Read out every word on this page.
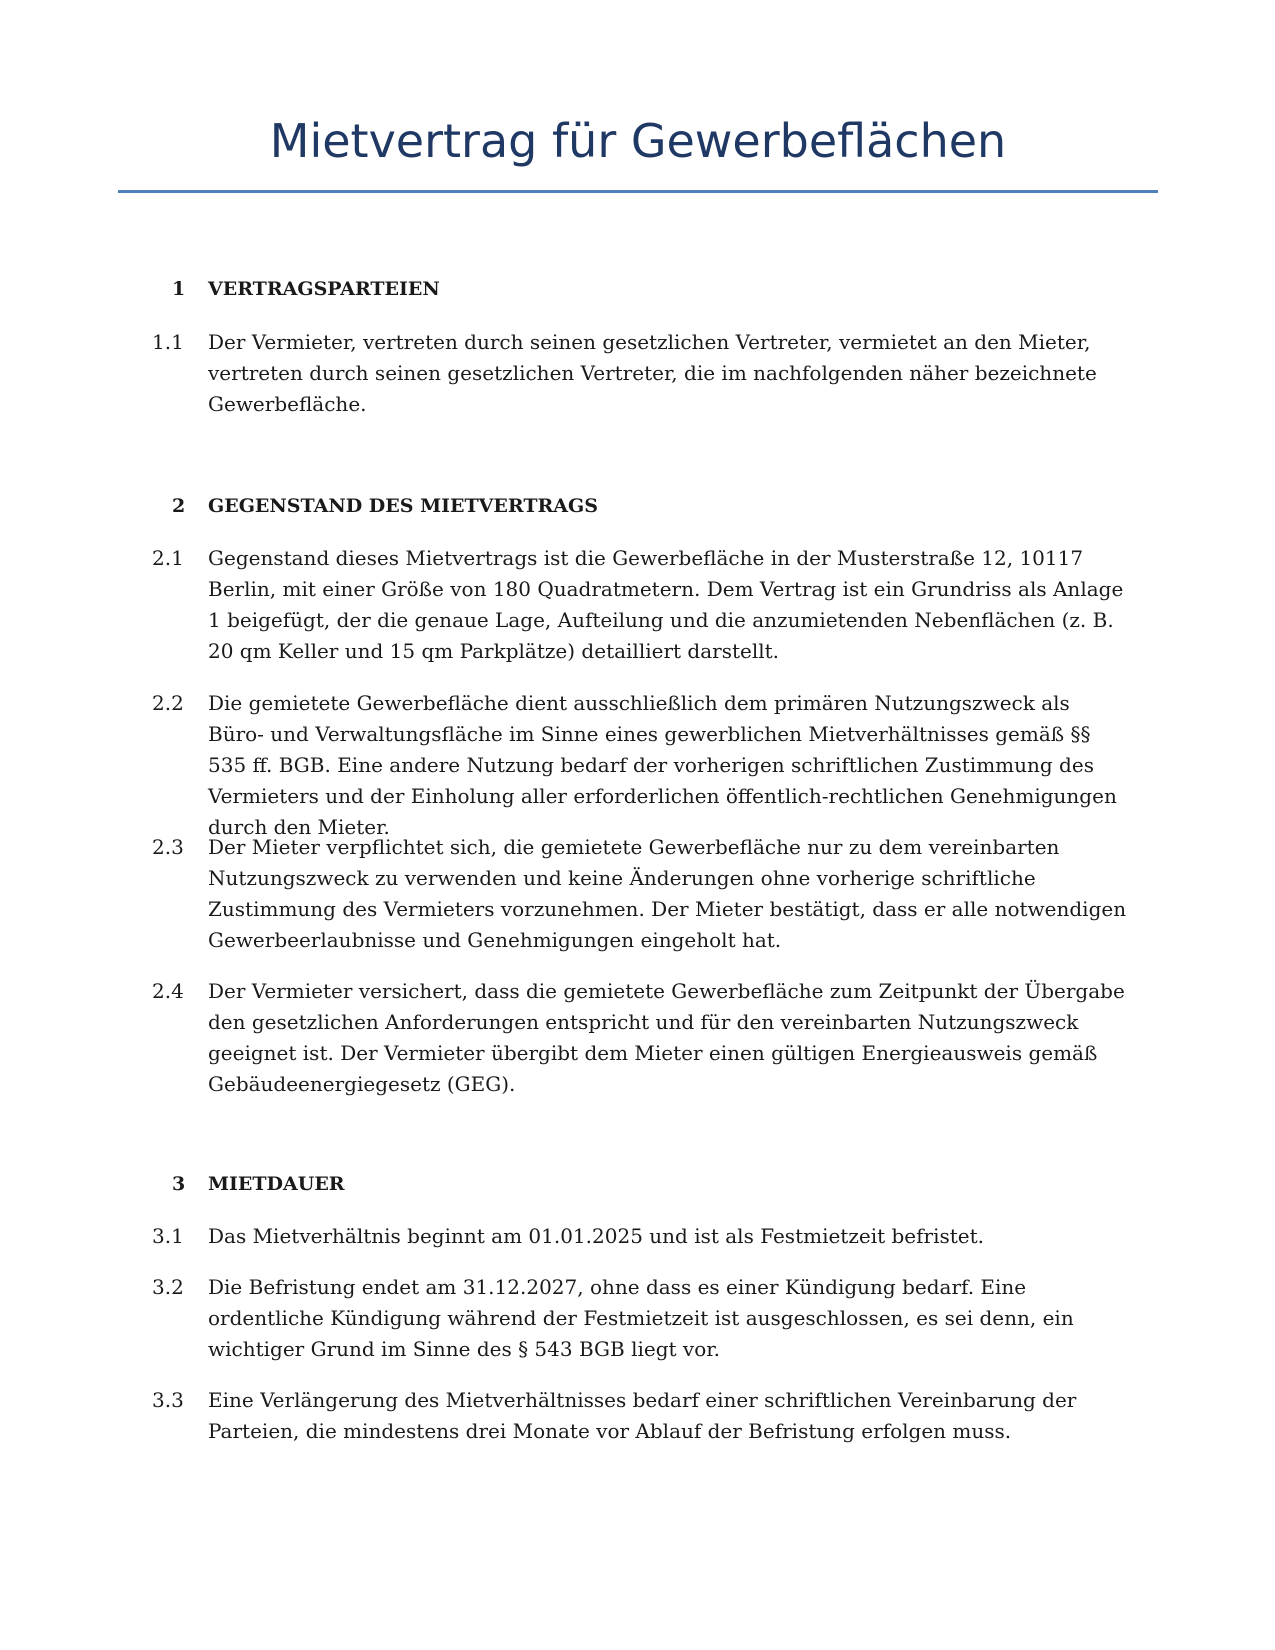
Mietvertrag für Gewerbeflächen
1	VERTRAGSPARTEIEN
1.1	Der Vermieter, vertreten durch seinen gesetzlichen Vertreter, vermietet an den Mieter, vertreten durch seinen gesetzlichen Vertreter, die im nachfolgenden näher bezeichnete Gewerbefläche.
2	GEGENSTAND DES MIETVERTRAGS
2.1	Gegenstand dieses Mietvertrags ist die Gewerbefläche in der Musterstraße 12, 10117 Berlin, mit einer Größe von 180 Quadratmetern. Dem Vertrag ist ein Grundriss als Anlage 1 beigefügt, der die genaue Lage, Aufteilung und die anzumietenden Nebenflächen (z. B. 20 qm Keller und 15 qm Parkplätze) detailliert darstellt.
2.2	Die gemietete Gewerbefläche dient ausschließlich dem primären Nutzungszweck als Büro- und Verwaltungsfläche im Sinne eines gewerblichen Mietverhältnisses gemäß §§ 535 ff. BGB. Eine andere Nutzung bedarf der vorherigen schriftlichen Zustimmung des Vermieters und der Einholung aller erforderlichen öffentlich-rechtlichen Genehmigungen durch den Mieter.
2.3	Der Mieter verpflichtet sich, die gemietete Gewerbefläche nur zu dem vereinbarten Nutzungszweck zu verwenden und keine Änderungen ohne vorherige schriftliche Zustimmung des Vermieters vorzunehmen. Der Mieter bestätigt, dass er alle notwendigen Gewerbeerlaubnisse und Genehmigungen eingeholt hat.
2.4	Der Vermieter versichert, dass die gemietete Gewerbefläche zum Zeitpunkt der Übergabe den gesetzlichen Anforderungen entspricht und für den vereinbarten Nutzungszweck geeignet ist. Der Vermieter übergibt dem Mieter einen gültigen Energieausweis gemäß Gebäudeenergiegesetz (GEG).
3	MIETDAUER
3.1	Das Mietverhältnis beginnt am 01.01.2025 und ist als Festmietzeit befristet.
3.2	Die Befristung endet am 31.12.2027, ohne dass es einer Kündigung bedarf. Eine ordentliche Kündigung während der Festmietzeit ist ausgeschlossen, es sei denn, ein wichtiger Grund im Sinne des § 543 BGB liegt vor.
3.3	Eine Verlängerung des Mietverhältnisses bedarf einer schriftlichen Vereinbarung der Parteien, die mindestens drei Monate vor Ablauf der Befristung erfolgen muss.
